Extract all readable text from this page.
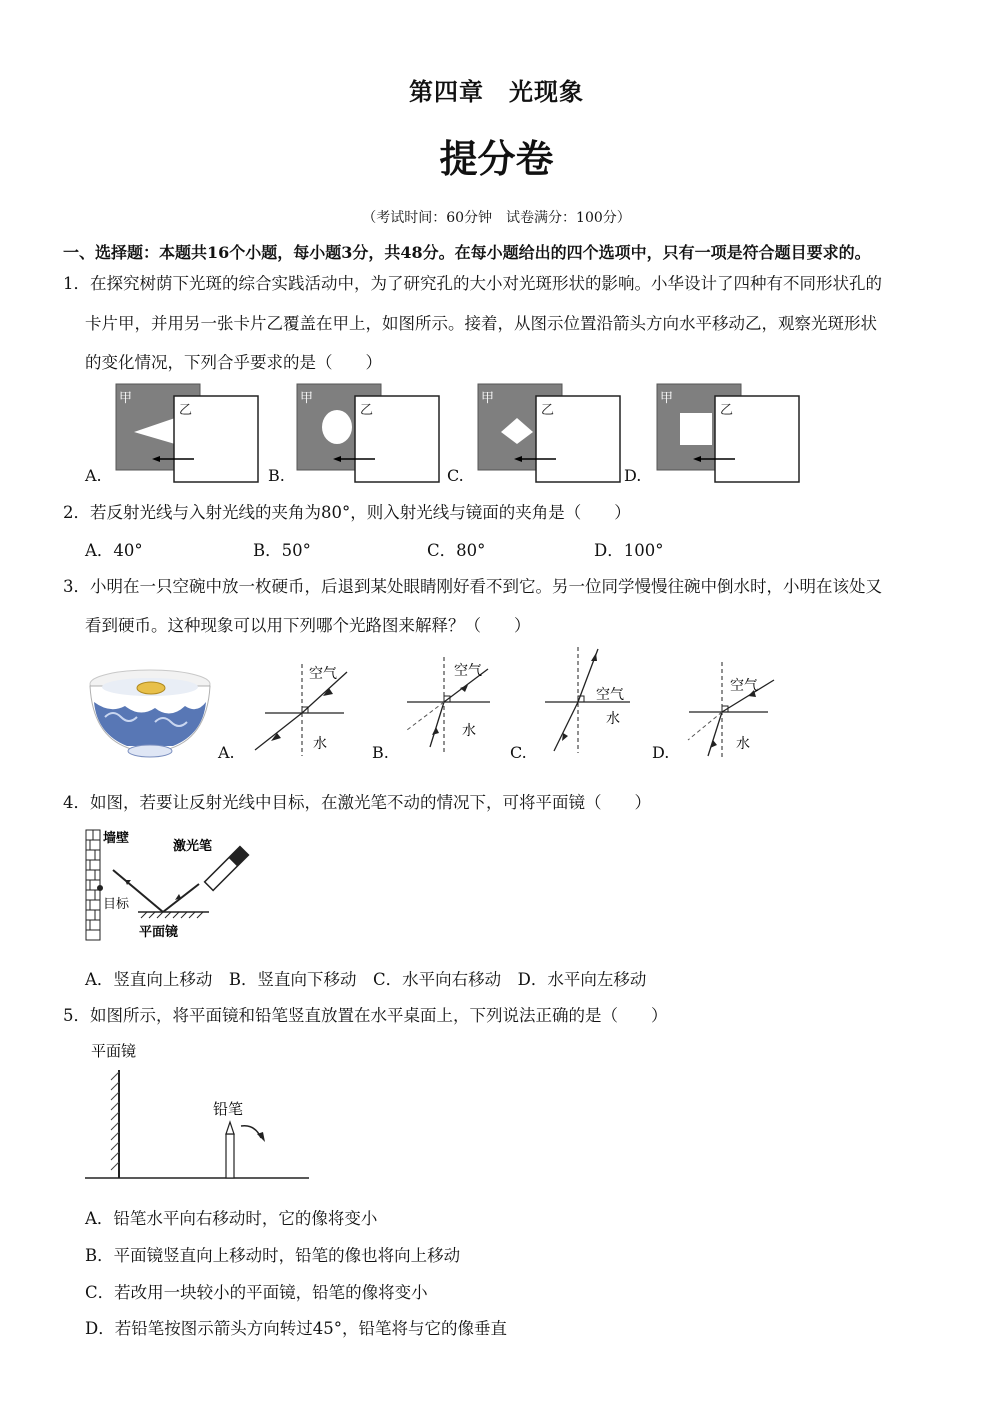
第四章　光现象
提分卷
（考试时间：60分钟　试卷满分：100分）
一、选择题：本题共16个小题，每小题3分，共48分。在每小题给出的四个选项中，只有一项是符合题目要求的。
1．在探究树荫下光斑的综合实践活动中，为了研究孔的大小对光斑形状的影响。小华设计了四种有不同形状孔的
卡片甲，并用另一张卡片乙覆盖在甲上，如图所示。接着，从图示位置沿箭头方向水平移动乙，观察光斑形状
的变化情况，下列合乎要求的是（　　）
A.	B.	C.	D.
甲
乙
甲
乙
甲
乙
甲
乙
2．若反射光线与入射光线的夹角为80°，则入射光线与镜面的夹角是（　　）
A．40°	B．50°	C．80°	D．100°
3．小明在一只空碗中放一枚硬币，后退到某处眼睛刚好看不到它。另一位同学慢慢往碗中倒水时，小明在该处又
看到硬币。这种现象可以用下列哪个光路图来解释？（　　）
A.	B.	C.	D.
空气
水
空气
水
空气
水
空气
水
4．如图，若要让反射光线中目标，在激光笔不动的情况下，可将平面镜（　　）
墙壁
激光笔
目标
平面镜
A．竖直向上移动　B．竖直向下移动　C．水平向右移动　D．水平向左移动
5．如图所示，将平面镜和铅笔竖直放置在水平桌面上，下列说法正确的是（　　）
平面镜
铅笔
A．铅笔水平向右移动时，它的像将变小
B．平面镜竖直向上移动时，铅笔的像也将向上移动
C．若改用一块较小的平面镜，铅笔的像将变小
D．若铅笔按图示箭头方向转过45°，铅笔将与它的像垂直
